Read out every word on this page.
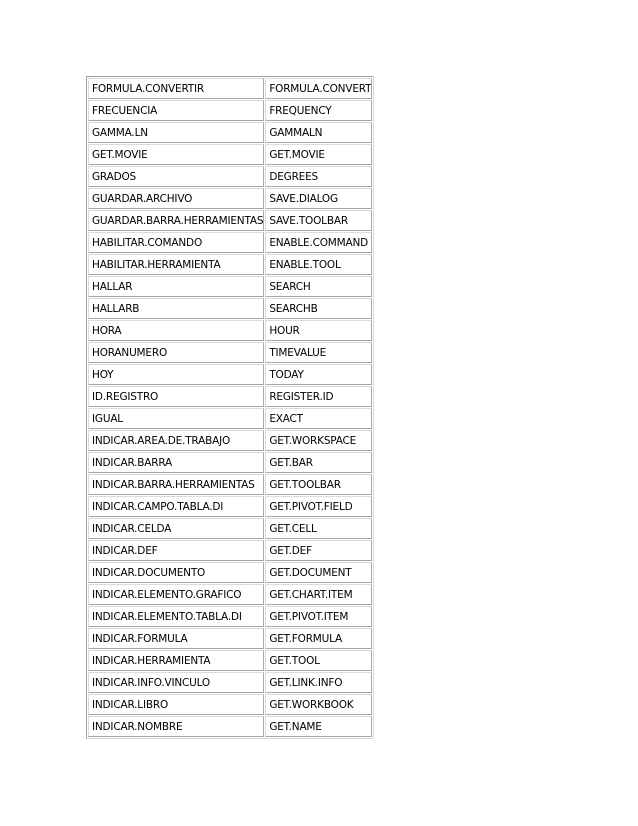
FORMULA.CONVERTIR	FORMULA.CONVERT
FRECUENCIA	FREQUENCY
GAMMA.LN	GAMMALN
GET.MOVIE	GET.MOVIE
GRADOS	DEGREES
GUARDAR.ARCHIVO	SAVE.DIALOG
GUARDAR.BARRA.HERRAMIENTAS	SAVE.TOOLBAR
HABILITAR.COMANDO	ENABLE.COMMAND
HABILITAR.HERRAMIENTA	ENABLE.TOOL
HALLAR	SEARCH
HALLARB	SEARCHB
HORA	HOUR
HORANUMERO	TIMEVALUE
HOY	TODAY
ID.REGISTRO	REGISTER.ID
IGUAL	EXACT
INDICAR.AREA.DE.TRABAJO	GET.WORKSPACE
INDICAR.BARRA	GET.BAR
INDICAR.BARRA.HERRAMIENTAS	GET.TOOLBAR
INDICAR.CAMPO.TABLA.DI	GET.PIVOT.FIELD
INDICAR.CELDA	GET.CELL
INDICAR.DEF	GET.DEF
INDICAR.DOCUMENTO	GET.DOCUMENT
INDICAR.ELEMENTO.GRAFICO	GET.CHART.ITEM
INDICAR.ELEMENTO.TABLA.DI	GET.PIVOT.ITEM
INDICAR.FORMULA	GET.FORMULA
INDICAR.HERRAMIENTA	GET.TOOL
INDICAR.INFO.VINCULO	GET.LINK.INFO
INDICAR.LIBRO	GET.WORKBOOK
INDICAR.NOMBRE	GET.NAME
